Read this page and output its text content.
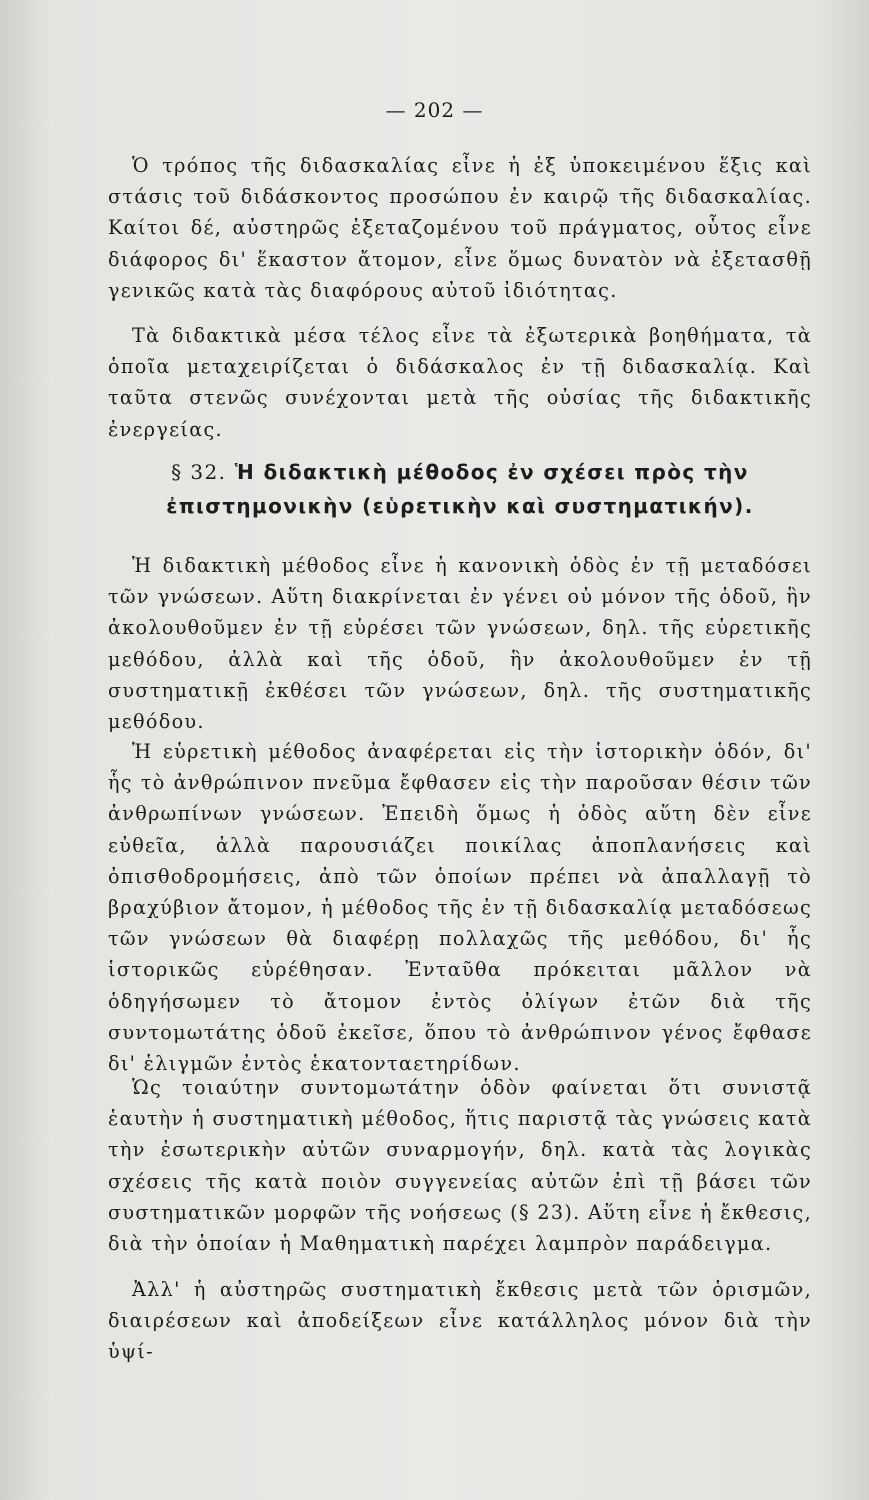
— 202 —

Ὁ τρόπος τῆς διδασκαλίας εἶνε ἡ ἐξ ὑποκειμένου ἕξις καὶ στάσις τοῦ διδάσκοντος προσώπου ἐν καιρῷ τῆς διδασκαλίας. Καίτοι δέ, αὐστηρῶς ἐξεταζομένου τοῦ πράγματος, οὗτος εἶνε διάφορος δι' ἕκαστον ἄτομον, εἶνε ὅμως δυνατὸν νὰ ἐξετασθῇ γενικῶς κατὰ τὰς διαφόρους αὐτοῦ ἰδιότητας.

Τὰ διδακτικὰ μέσα τέλος εἶνε τὰ ἐξωτερικὰ βοηθήματα, τὰ ὁποῖα μεταχειρίζεται ὁ διδάσκαλος ἐν τῇ διδασκαλίᾳ. Καὶ ταῦτα στενῶς συνέχονται μετὰ τῆς οὐσίας τῆς διδακτικῆς ἐνεργείας.

§ 32. Ἡ διδακτικὴ μέθοδος ἐν σχέσει πρὸς τὴν ἐπιστημονικὴν (εὑρετικὴν καὶ συστηματικήν).

Ἡ διδακτικὴ μέθοδος εἶνε ἡ κανονικὴ ὁδὸς ἐν τῇ μεταδόσει τῶν γνώσεων. Αὕτη διακρίνεται ἐν γένει οὐ μόνον τῆς ὁδοῦ, ἣν ἀκολουθοῦμεν ἐν τῇ εὑρέσει τῶν γνώσεων, δηλ. τῆς εὑρετικῆς μεθόδου, ἀλλὰ καὶ τῆς ὁδοῦ, ἣν ἀκολουθοῦμεν ἐν τῇ συστηματικῇ ἐκθέσει τῶν γνώσεων, δηλ. τῆς συστηματικῆς μεθόδου.

Ἡ εὑρετικὴ μέθοδος ἀναφέρεται εἰς τὴν ἱστορικὴν ὁδόν, δι' ἧς τὸ ἀνθρώπινον πνεῦμα ἔφθασεν εἰς τὴν παροῦσαν θέσιν τῶν ἀνθρωπίνων γνώσεων. Ἐπειδὴ ὅμως ἡ ὁδὸς αὕτη δὲν εἶνε εὐθεῖα, ἀλλὰ παρουσιάζει ποικίλας ἀποπλανήσεις καὶ ὀπισθοδρομήσεις, ἀπὸ τῶν ὁποίων πρέπει νὰ ἀπαλλαγῇ τὸ βραχύβιον ἄτομον, ἡ μέθοδος τῆς ἐν τῇ διδασκαλίᾳ μεταδόσεως τῶν γνώσεων θὰ διαφέρῃ πολλαχῶς τῆς μεθόδου, δι' ἧς ἱστορικῶς εὑρέθησαν. Ἐνταῦθα πρόκειται μᾶλλον νὰ ὁδηγήσωμεν τὸ ἄτομον ἐντὸς ὀλίγων ἐτῶν διὰ τῆς συντομωτάτης ὁδοῦ ἐκεῖσε, ὅπου τὸ ἀνθρώπινον γένος ἔφθασε δι' ἑλιγμῶν ἐντὸς ἑκατονταετηρίδων.

Ὡς τοιαύτην συντομωτάτην ὁδὸν φαίνεται ὅτι συνιστᾷ ἑαυτὴν ἡ συστηματικὴ μέθοδος, ἥτις παριστᾷ τὰς γνώσεις κατὰ τὴν ἐσωτερικὴν αὐτῶν συναρμογήν, δηλ. κατὰ τὰς λογικὰς σχέσεις τῆς κατὰ ποιὸν συγγενείας αὐτῶν ἐπὶ τῇ βάσει τῶν συστηματικῶν μορφῶν τῆς νοήσεως (§ 23). Αὕτη εἶνε ἡ ἔκθεσις, διὰ τὴν ὁποίαν ἡ Μαθηματικὴ παρέχει λαμπρὸν παράδειγμα.

Ἀλλ' ἡ αὐστηρῶς συστηματικὴ ἔκθεσις μετὰ τῶν ὁρισμῶν, διαιρέσεων καὶ ἀποδείξεων εἶνε κατάλληλος μόνον διὰ τὴν ὑψί-
